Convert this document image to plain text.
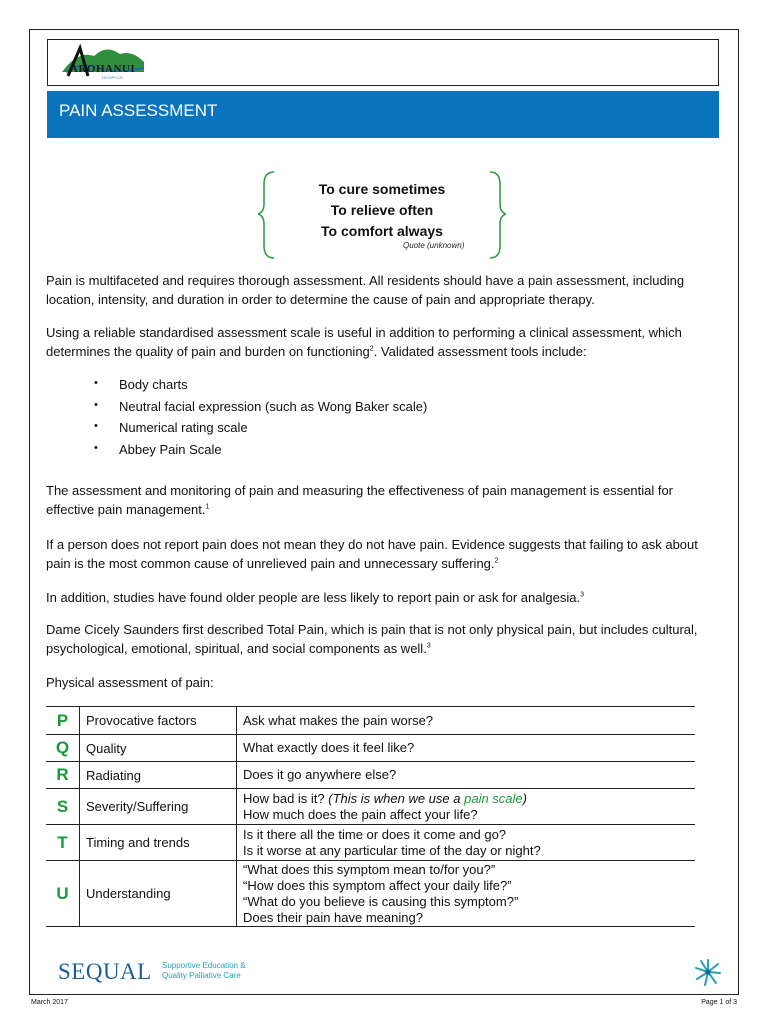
AROHANUI
HOSPICE
PAIN ASSESSMENT
To cure sometimes
To relieve often
To comfort always
Quote (unknown)
Pain is multifaceted and requires thorough assessment. All residents should have a pain assessment, including location, intensity, and duration in order to determine the cause of pain and appropriate therapy.
Using a reliable standardised assessment scale is useful in addition to performing a clinical assessment, which determines the quality of pain and burden on functioning$^2$. Validated assessment tools include:
• Body charts
• Neutral facial expression (such as Wong Baker scale)
• Numerical rating scale
• Abbey Pain Scale
The assessment and monitoring of pain and measuring the effectiveness of pain management is essential for effective pain management.$^1$
If a person does not report pain does not mean they do not have pain. Evidence suggests that failing to ask about pain is the most common cause of unrelieved pain and unnecessary suffering.$^2$
In addition, studies have found older people are less likely to report pain or ask for analgesia.$^3$
Dame Cicely Saunders first described Total Pain, which is pain that is not only physical pain, but includes cultural, psychological, emotional, spiritual, and social components as well.$^3$
Physical assessment of pain:
P	Provocative factors	Ask what makes the pain worse?
Q	Quality	What exactly does it feel like?
R	Radiating	Does it go anywhere else?
S	Severity/Suffering	How bad is it? (This is when we use a pain scale)
How much does the pain affect your life?

T	Timing and trends	Is it there all the time or does it come and go?
Is it worse at any particular time of the day or night?

U	Understanding	“What does this symptom mean to/for you?”
“How does this symptom affect your daily life?”
“What do you believe is causing this symptom?”
Does their pain have meaning?
SEQUAL Supportive Education &
Quality Palliative Care
March 2017	Page 1 of 3
